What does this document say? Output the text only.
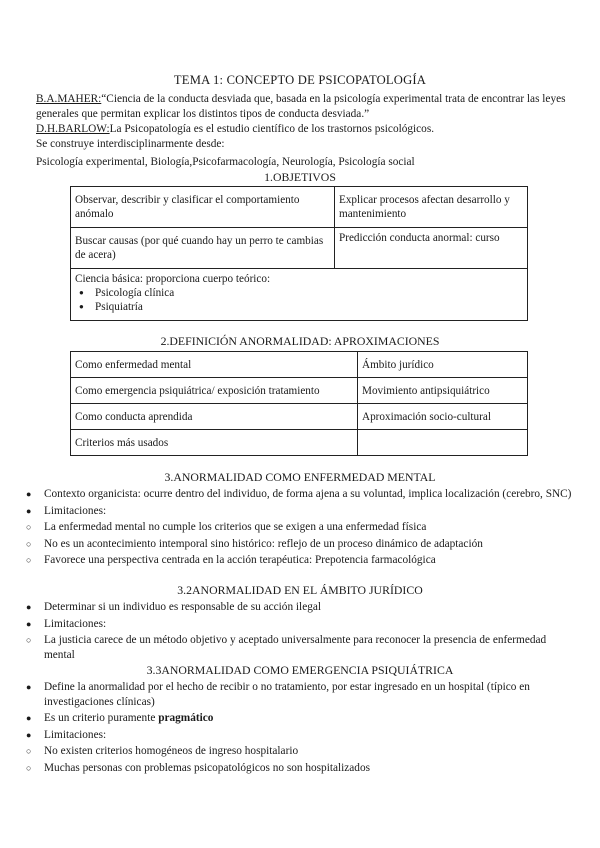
TEMA 1: CONCEPTO DE PSICOPATOLOGÍA
B.A.MAHER:“Ciencia de la conducta desviada que, basada en la psicología experimental trata de encontrar las leyes generales que permitan explicar los distintos tipos de conducta desviada.”
D.H.BARLOW:La Psicopatología es el estudio científico de los trastornos psicológicos.
Se construye interdisciplinarmente desde:
Psicología experimental, Biología,Psicofarmacología, Neurología, Psicología social
1.OBJETIVOS
Observar, describir y clasificar el comportamiento anómalo	Explicar procesos afectan desarrollo y mantenimiento
Buscar causas (por qué cuando hay un perro te cambias de acera)	Predicción conducta anormal: curso

Ciencia básica: proporciona cuerpo teórico:
● Psicología clínica
● Psiquiatría	
2.DEFINICIÓN ANORMALIDAD: APROXIMACIONES
Como enfermedad mental	Ámbito jurídico
Como emergencia psiquiátrica/ exposición tratamiento	Movimiento antipsiquiátrico
Como conducta aprendida	Aproximación socio-cultural
Criterios más usados	
3.ANORMALIDAD COMO ENFERMEDAD MENTAL
● Contexto organicista: ocurre dentro del individuo, de forma ajena a su voluntad, implica localización (cerebro, SNC)
● Limitaciones:
○ La enfermedad mental no cumple los criterios que se exigen a una enfermedad física
○ No es un acontecimiento intemporal sino histórico: reflejo de un proceso dinámico de adaptación
○ Favorece una perspectiva centrada en la acción terapéutica: Prepotencia farmacológica
3.2ANORMALIDAD EN EL ÁMBITO JURÍDICO
● Determinar si un individuo es responsable de su acción ilegal
● Limitaciones:
○ La justicia carece de un método objetivo y aceptado universalmente para reconocer la presencia de enfermedad mental
3.3ANORMALIDAD COMO EMERGENCIA PSIQUIÁTRICA
● Define la anormalidad por el hecho de recibir o no tratamiento, por estar ingresado en un hospital (típico en investigaciones clínicas)
● Es un criterio puramente pragmático
● Limitaciones:
○ No existen criterios homogéneos de ingreso hospitalario
○ Muchas personas con problemas psicopatológicos no son hospitalizados
